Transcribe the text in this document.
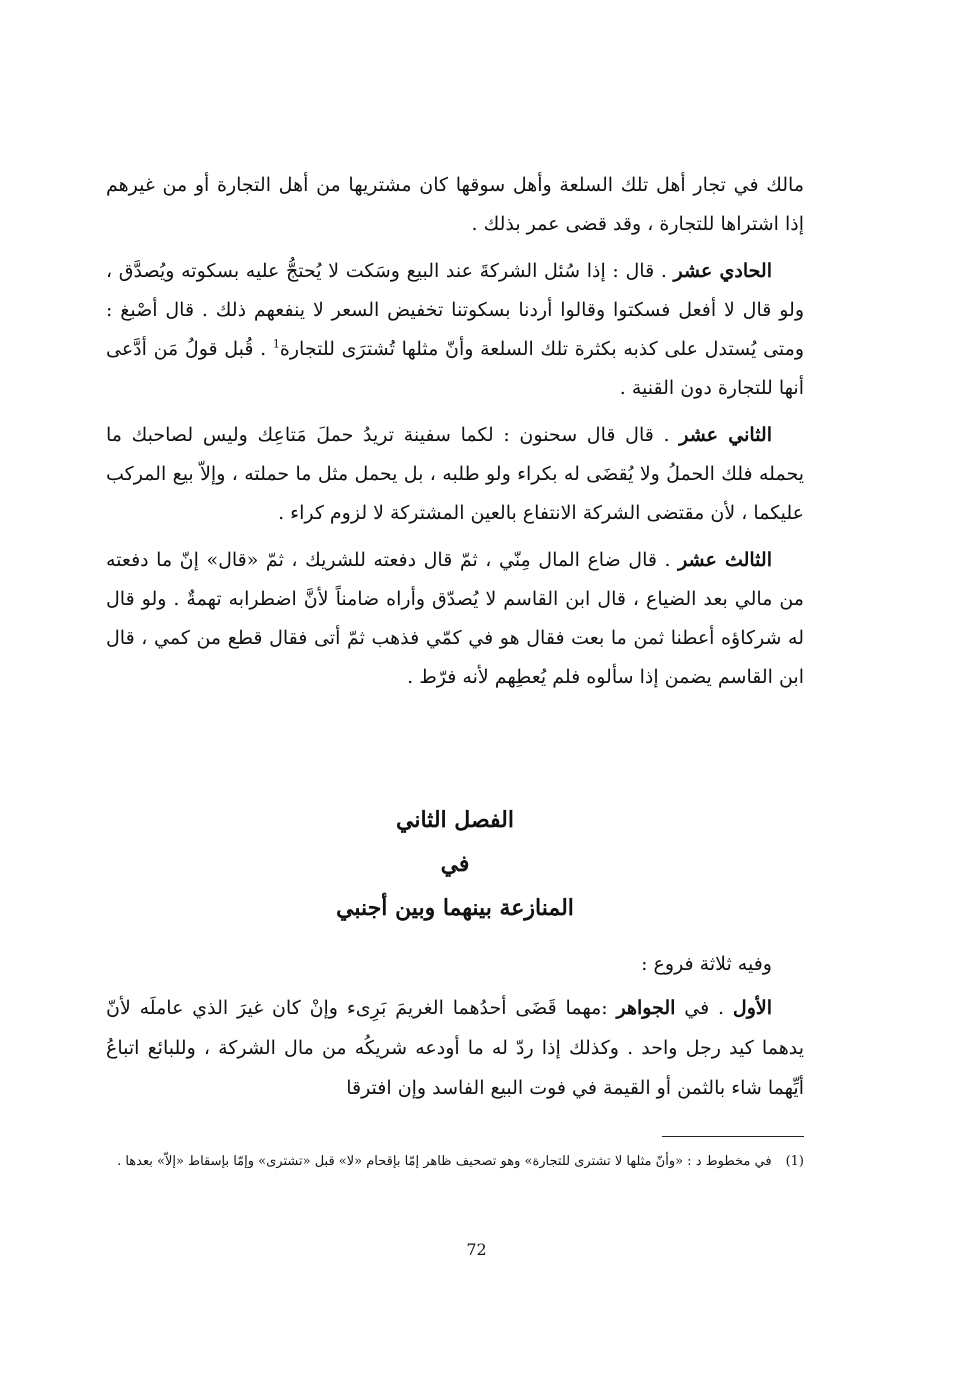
مالك في تجار أهل تلك السلعة وأهل سوقها كان مشتريها من أهل التجارة أو من غيرهم إذا اشتراها للتجارة ، وقد قضى عمر بذلك .

الحادي عشر . قال : إذا سُئل الشركةَ عند البيع وسَكت لا يُحتجُّ عليه بسكوته ويُصدَّق ، ولو قال لا أفعل فسكتوا وقالوا أردنا بسكوتنا تخفيض السعر لا ينفعهم ذلك . قال أصْبغ : ومتى يُستدل على كذبه بكثرة تلك السلعة وأنّ مثلها تُشترَى للتجارة$^1$ . قُبل قولُ مَن أدَّعى أنها للتجارة دون القنية .

الثاني عشر . قال قال سحنون : لكما سفينة تريدُ حملَ مَتاعِك وليس لصاحبك ما يحمله فلك الحملُ ولا يُقضَى له بكراء ولو طلبه ، بل يحمل مثل ما حملته ، وإلاّ بيع المركب عليكما ، لأن مقتضى الشركة الانتفاع بالعين المشتركة لا لزوم كراء .

الثالث عشر . قال ضاع المال مِنّي ، ثمّ قال دفعته للشريك ، ثمّ «قال» إنّ ما دفعته من مالي بعد الضياع ، قال ابن القاسم لا يُصدّق وأراه ضامناً لأنَّ اضطرابه تهمةٌ . ولو قال له شركاؤه أعطنا ثمن ما بعت فقال هو في كمّي فذهب ثمّ أتى فقال قطع من كمي ، قال ابن القاسم يضمن إذا سألوه فلم يُعطِهم لأنه فرّط .

الفصل الثاني
في
المنازعة بينهما وبين أجنبي

وفيه ثلاثة فروع :

الأول . في الجواهر :مهما قَضَى أحدُهما الغريمَ بَرِىء وإنْ كان غيرَ الذي عاملَه لأنّ يدهما كيد رجل واحد . وكذلك إذا ردّ له ما أودعه شريكُه من مال الشركة ، وللبائع اتباعُ أيِّهما شاء بالثمن أو القيمة في فوت البيع الفاسد وإن افترقا

(1)في مخطوط د : «وأنّ مثلها لا تشترى للتجارة» وهو تصحيف ظاهر إمّا بإقحام «لا» قبل «تشترى» وإمّا بإسقاط «إلاّ» بعدها .
72
